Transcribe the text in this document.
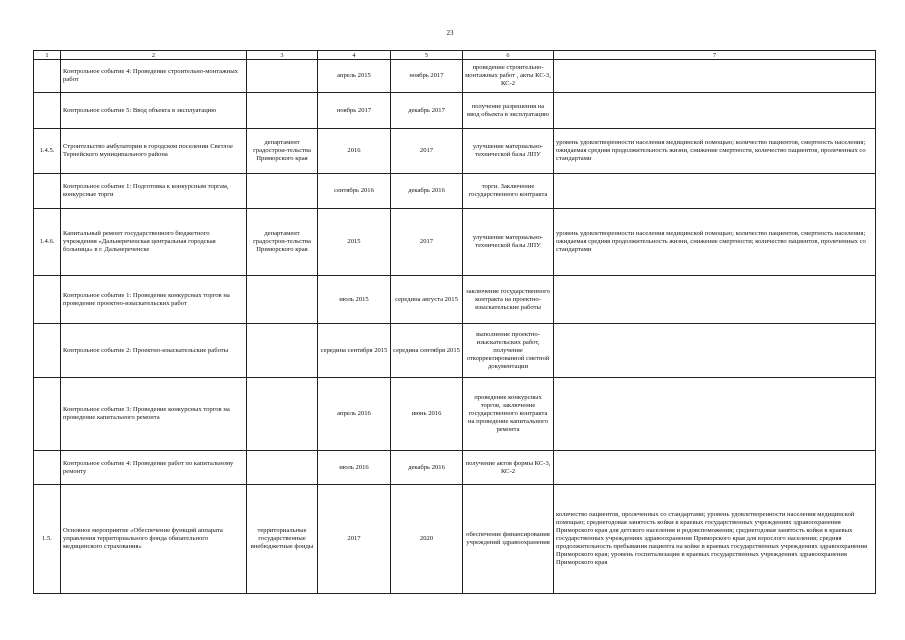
23
1	2	3	4	5	6	7
	Контрольное событие 4: Проведение строительно-монтажных работ		апрель 2015	ноябрь 2017	проведение строительно-монтажных работ , акты КС-3, КС-2	
	Контрольное событие 5: Ввод объекта в эксплуатацию		ноябрь 2017	декабрь 2017	получение разрешения на ввод объекта в эксплуатацию	
1.4.5.	Строительство амбулатории в городском поселении Светлое Тернейского муниципального района	департамент градострои-тельства Приморского края	2016	2017	улучшение материально-технической базы ЛПУ	уровень удовлетворенности населения медицинской помощью; количество пациентов, смертность населения; ожидаемая средняя продолжительность жизни, снижение смертности, количество пациентов, пролеченных со стандартами
	Контрольное событие 1: Подготовка к конкурсным торгам, конкурсные торги		сентябрь 2016	декабрь 2016	торги. Заключение государственного контракта	
1.4.6.	Капитальный ремонт государственного бюджетного учреждения «Дальнереченская центральная городская больница» в г. Дальнереченске	департамент градострои-тельства Приморского края	2015	2017	улучшение материально-технической базы ЛПУ	уровень удовлетворенности населения медицинской помощью; количество пациентов, смертность населения; ожидаемая средняя продолжительность жизни, снижение смертности; количество пациентов, пролеченных со стандартами
	Контрольное событие 1: Проведение конкурсных торгов на проведение проектно-изыскательских работ		июль 2015	середина августа 2015	заключение государственного контракта на проектно-изыскательские работы	
	Контрольное событие 2: Проектно-изыскательские работы		середина сентября 2015	середина сентября 2015	выполнение проектно-изыскательских работ, получение откорректированной сметной документации	
	Контрольное событие 3: Проведение конкурсных торгов на проведение капитального ремонта		апрель 2016	июнь 2016	проведение конкурсных торгов, заключение государственного контракта на проведение капитального ремонта	
	Контрольное событие 4: Проведение работ по капитальному ремонту		июль 2016	декабрь 2016	получение актов формы КС-3, КС-2	
1.5.	Основное мероприятие «Обеспечение функций аппарата управления территориального фонда обязательного медицинского страхования»	территориальные государственные внебюджетные фонды	2017	2020	обеспечение финансирования учреждений здравоохранения	количество пациентов, пролеченных со стандартами; уровень удовлетворенности населения медицинской помощью; среднегодовая занятость койки в краевых государственных учреждениях здравоохранения Приморского края для детского населения и родовспоможения; среднегодовая занятость койки в краевых государственных учреждениях здравоохранения Приморского края для взрослого населения; средняя продолжительность пребывания пациента на койке в краевых государственных учреждениях здравоохранения Приморского края; уровень госпитализации в краевых государственных учреждениях здравоохранения Приморского края
